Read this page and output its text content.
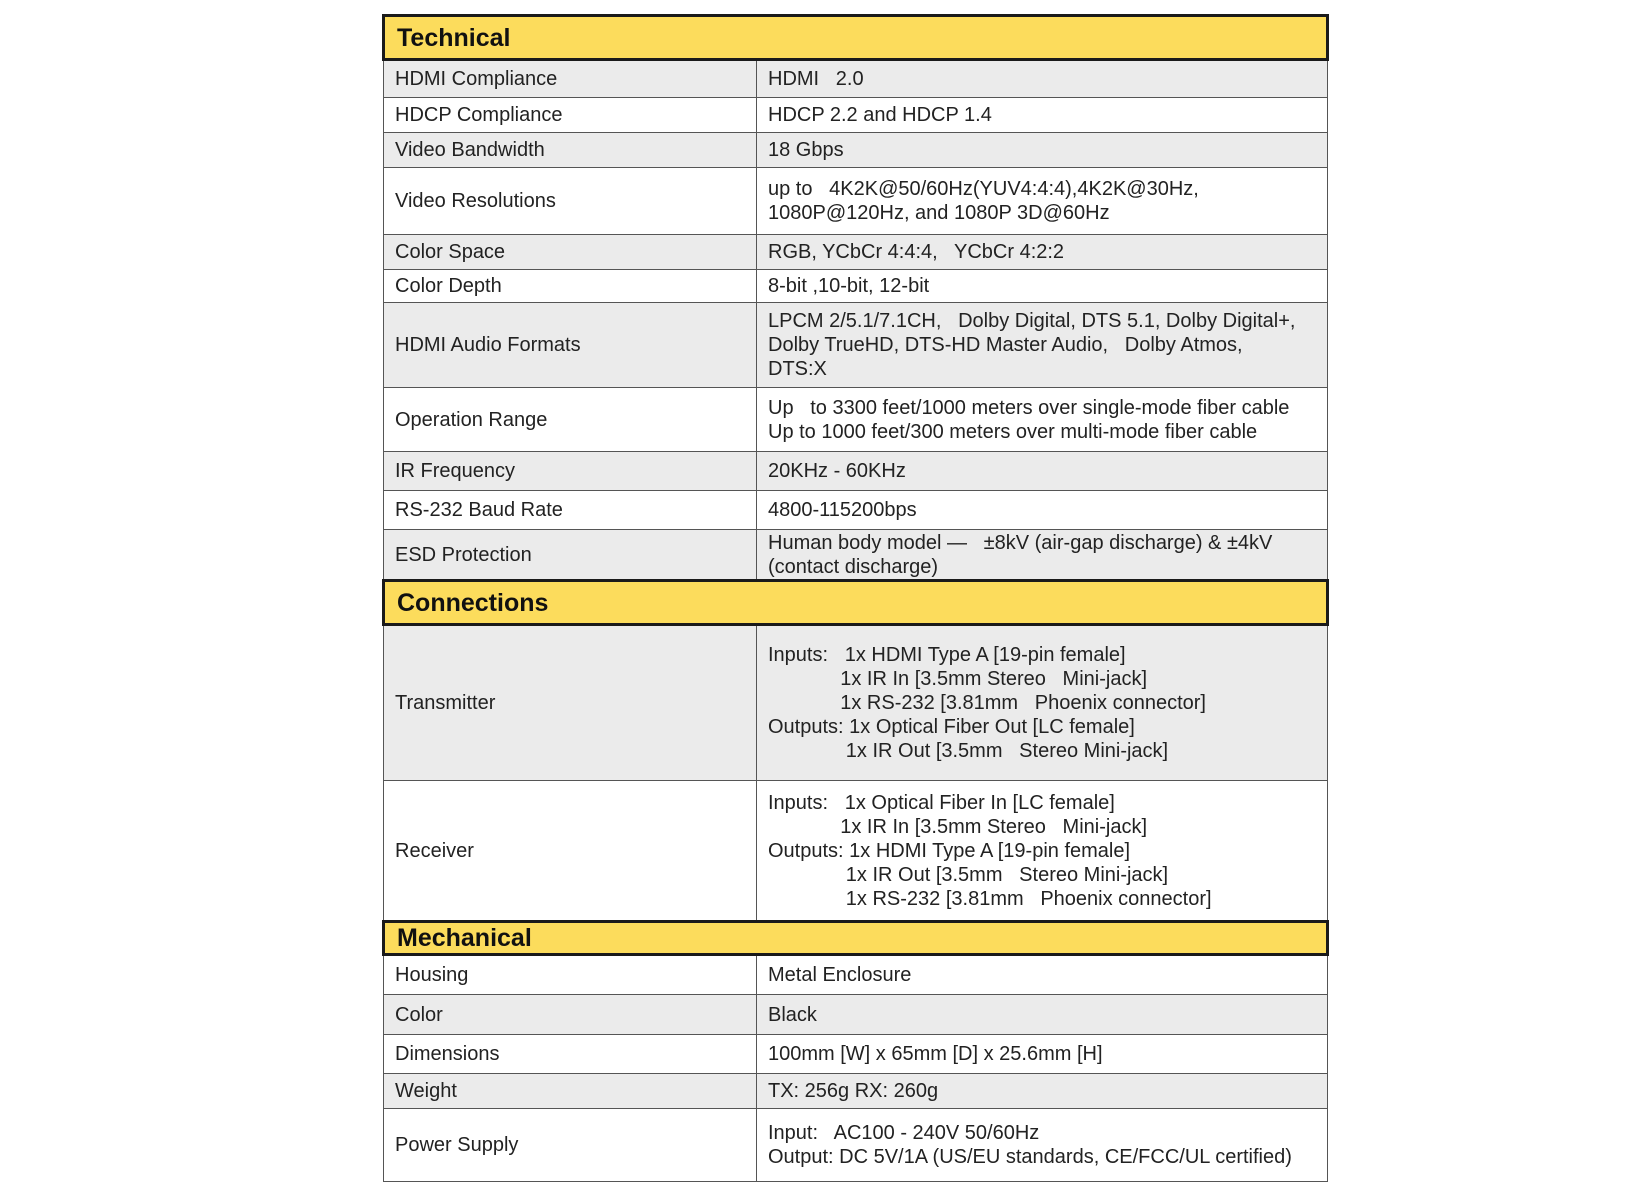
Technical	
HDMI Compliance	HDMI   2.0

HDCP Compliance	HDCP 2.2 and HDCP 1.4

Video Bandwidth	18 Gbps

Video Resolutions	up to   4K2K@50/60Hz(YUV4:4:4),4K2K@30Hz,
1080P@120Hz, and 1080P 3D@60Hz

Color Space	RGB, YCbCr 4:4:4,   YCbCr 4:2:2

Color Depth	8-bit ,10-bit, 12-bit

HDMI Audio Formats	LPCM 2/5.1/7.1CH,   Dolby Digital, DTS 5.1, Dolby Digital+,
Dolby TrueHD, DTS-HD Master Audio,   Dolby Atmos,
DTS:X

Operation Range	Up   to 3300 feet/1000 meters over single-mode fiber cable
Up to 1000 feet/300 meters over multi-mode fiber cable

IR Frequency	20KHz - 60KHz

RS-232 Baud Rate	4800-115200bps

ESD Protection	Human body model —   ±8kV (air-gap discharge) & ±4kV
(contact discharge)

Connections	
Transmitter	Inputs:   1x HDMI Type A [19-pin female]
1x IR In [3.5mm Stereo   Mini-jack]
1x RS-232 [3.81mm   Phoenix connector]
Outputs: 1x Optical Fiber Out [LC female]
1x IR Out [3.5mm   Stereo Mini-jack]

Receiver	Inputs:   1x Optical Fiber In [LC female]
1x IR In [3.5mm Stereo   Mini-jack]
Outputs: 1x HDMI Type A [19-pin female]
1x IR Out [3.5mm   Stereo Mini-jack]
1x RS-232 [3.81mm   Phoenix connector]

Mechanical	
Housing	Metal Enclosure

Color	Black

Dimensions	100mm [W] x 65mm [D] x 25.6mm [H]

Weight	TX: 256g RX: 260g

Power Supply	Input:   AC100 - 240V 50/60Hz
Output: DC 5V/1A (US/EU standards, CE/FCC/UL certified)
